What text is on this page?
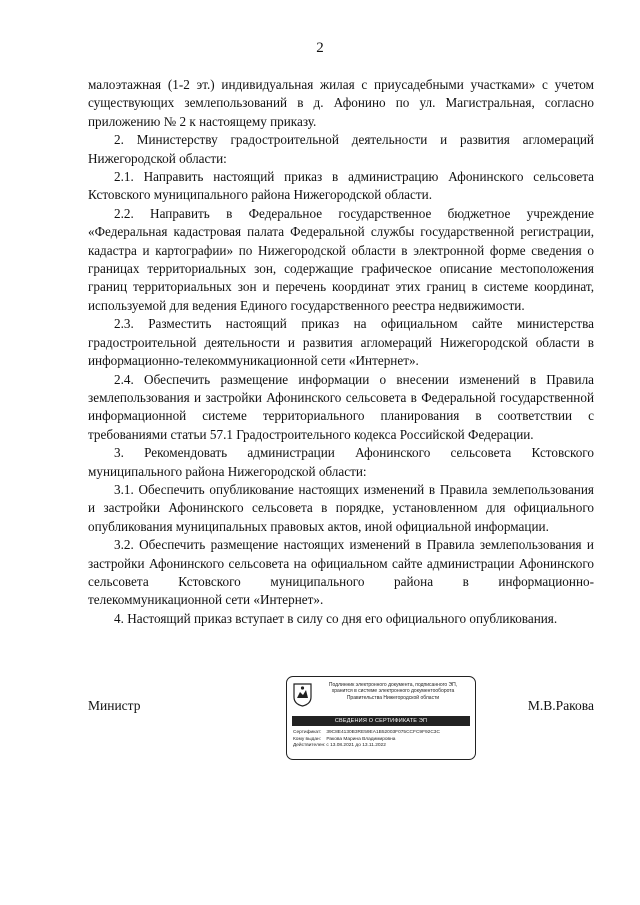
2

малоэтажная (1-2 эт.) индивидуальная жилая с приусадебными участками» с учетом существующих землепользований в д. Афонино по ул. Магистральная, согласно приложению № 2 к настоящему приказу.

2. Министерству градостроительной деятельности и развития агломераций Нижегородской области:

2.1. Направить настоящий приказ в администрацию Афонинского сельсовета Кстовского муниципального района Нижегородской области.

2.2. Направить в Федеральное государственное бюджетное учреждение «Федеральная кадастровая палата Федеральной службы государственной регистрации, кадастра и картографии» по Нижегородской области в электронной форме сведения о границах территориальных зон, содержащие графическое описание местоположения границ территориальных зон и перечень координат этих границ в системе координат, используемой для ведения Единого государственного реестра недвижимости.

2.3. Разместить настоящий приказ на официальном сайте министерства градостроительной деятельности и развития агломераций Нижегородской области в информационно-телекоммуникационной сети «Интернет».

2.4. Обеспечить размещение информации о внесении изменений в Правила землепользования и застройки Афонинского сельсовета в Федеральной государственной информационной системе территориального планирования в соответствии с требованиями статьи 57.1 Градостроительного кодекса Российской Федерации.

3. Рекомендовать администрации Афонинского сельсовета Кстовского муниципального района Нижегородской области:

3.1. Обеспечить опубликование настоящих изменений в Правила землепользования и застройки Афонинского сельсовета в порядке, установленном для официального опубликования муниципальных правовых актов, иной официальной информации.

3.2. Обеспечить размещение настоящих изменений в Правила землепользования и застройки Афонинского сельсовета на официальном сайте администрации Афонинского сельсовета Кстовского муниципального района в информационно-телекоммуникационной сети «Интернет».

4. Настоящий приказ вступает в силу со дня его официального опубликования.

Министр
Подлинник электронного документа, подписанного ЭП,
хранится в системе электронного документооборота
Правительства Нижегородской области
СВЕДЕНИЯ О СЕРТИФИКАТЕ ЭП
Сертификат: 39C8E4130B3RE59EA1B52003F075CCFC9F92C3C
Кому выдан: Ракова Марина Владимировна
Действителен: с 13.08.2021 до 13.11.2022
М.В.Ракова
